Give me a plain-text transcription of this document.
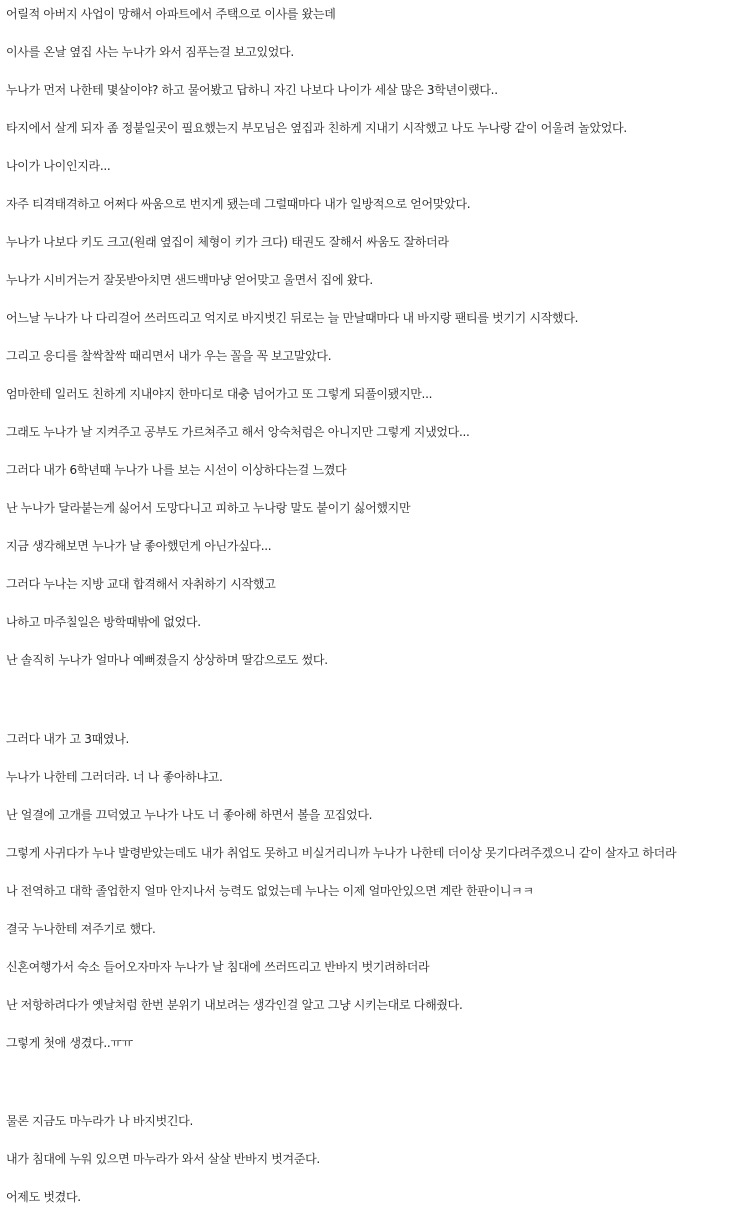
어릴적 아버지 사업이 망해서 아파트에서 주택으로 이사를 왔는데
이사를 온날 옆집 사는 누나가 와서 짐푸는걸 보고있었다.
누나가 먼저 나한테 몇살이야? 하고 물어봤고 답하니 자긴 나보다 나이가 세살 많은 3학년이랬다..
타지에서 살게 되자 좀 정붙일곳이 필요했는지 부모님은 옆집과 친하게 지내기 시작했고 나도 누나랑 같이 어울려 놀았었다.
나이가 나이인지라...
자주 티격태격하고 어쩌다 싸움으로 번지게 됐는데 그럴때마다 내가 일방적으로 얻어맞았다.
누나가 나보다 키도 크고(원래 옆집이 체형이 키가 크다) 태권도 잘해서 싸움도 잘하더라
누나가 시비거는거 잘못받아치면 샌드백마냥 얻어맞고 울면서 집에 왔다.
어느날 누나가 나 다리걸어 쓰러뜨리고 억지로 바지벗긴 뒤로는 늘 만날때마다 내 바지랑 팬티를 벗기기 시작했다.
그리고 응디를 찰싹찰싹 때리면서 내가 우는 꼴을 꼭 보고말았다.
엄마한테 일러도 친하게 지내야지 한마디로 대충 넘어가고 또 그렇게 되풀이됐지만...
그래도 누나가 날 지켜주고 공부도 가르쳐주고 해서 앙숙처럼은 아니지만 그렇게 지냈었다...
그러다 내가 6학년때 누나가 나를 보는 시선이 이상하다는걸 느꼈다
난 누나가 달라붙는게 싫어서 도망다니고 피하고 누나랑 말도 붙이기 싫어했지만
지금 생각해보면 누나가 날 좋아했던게 아닌가싶다...
그러다 누나는 지방 교대 합격해서 자취하기 시작했고
나하고 마주칠일은 방학때밖에 없었다.
난 솔직히 누나가 얼마나 예뻐졌을지 상상하며 딸감으로도 썼다.
그러다 내가 고 3때였나.
누나가 나한테 그러더라. 너 나 좋아하냐고.
난 얼결에 고개를 끄덕였고 누나가 나도 너 좋아해 하면서 볼을 꼬집었다.
그렇게 사귀다가 누나 발령받았는데도 내가 취업도 못하고 비실거리니까 누나가 나한테 더이상 못기다려주겠으니 같이 살자고 하더라
나 전역하고 대학 졸업한지 얼마 안지나서 능력도 없었는데 누나는 이제 얼마안있으면 계란 한판이니ㅋㅋ
결국 누나한테 져주기로 했다.
신혼여행가서 숙소 들어오자마자 누나가 날 침대에 쓰러뜨리고 반바지 벗기려하더라
난 저항하려다가 옛날처럼 한번 분위기 내보려는 생각인걸 알고 그냥 시키는대로 다해줬다.
그렇게 첫애 생겼다..ㅠㅠ
물론 지금도 마누라가 나 바지벗긴다.
내가 침대에 누워 있으면 마누라가 와서 살살 반바지 벗겨준다.
어제도 벗겼다.
